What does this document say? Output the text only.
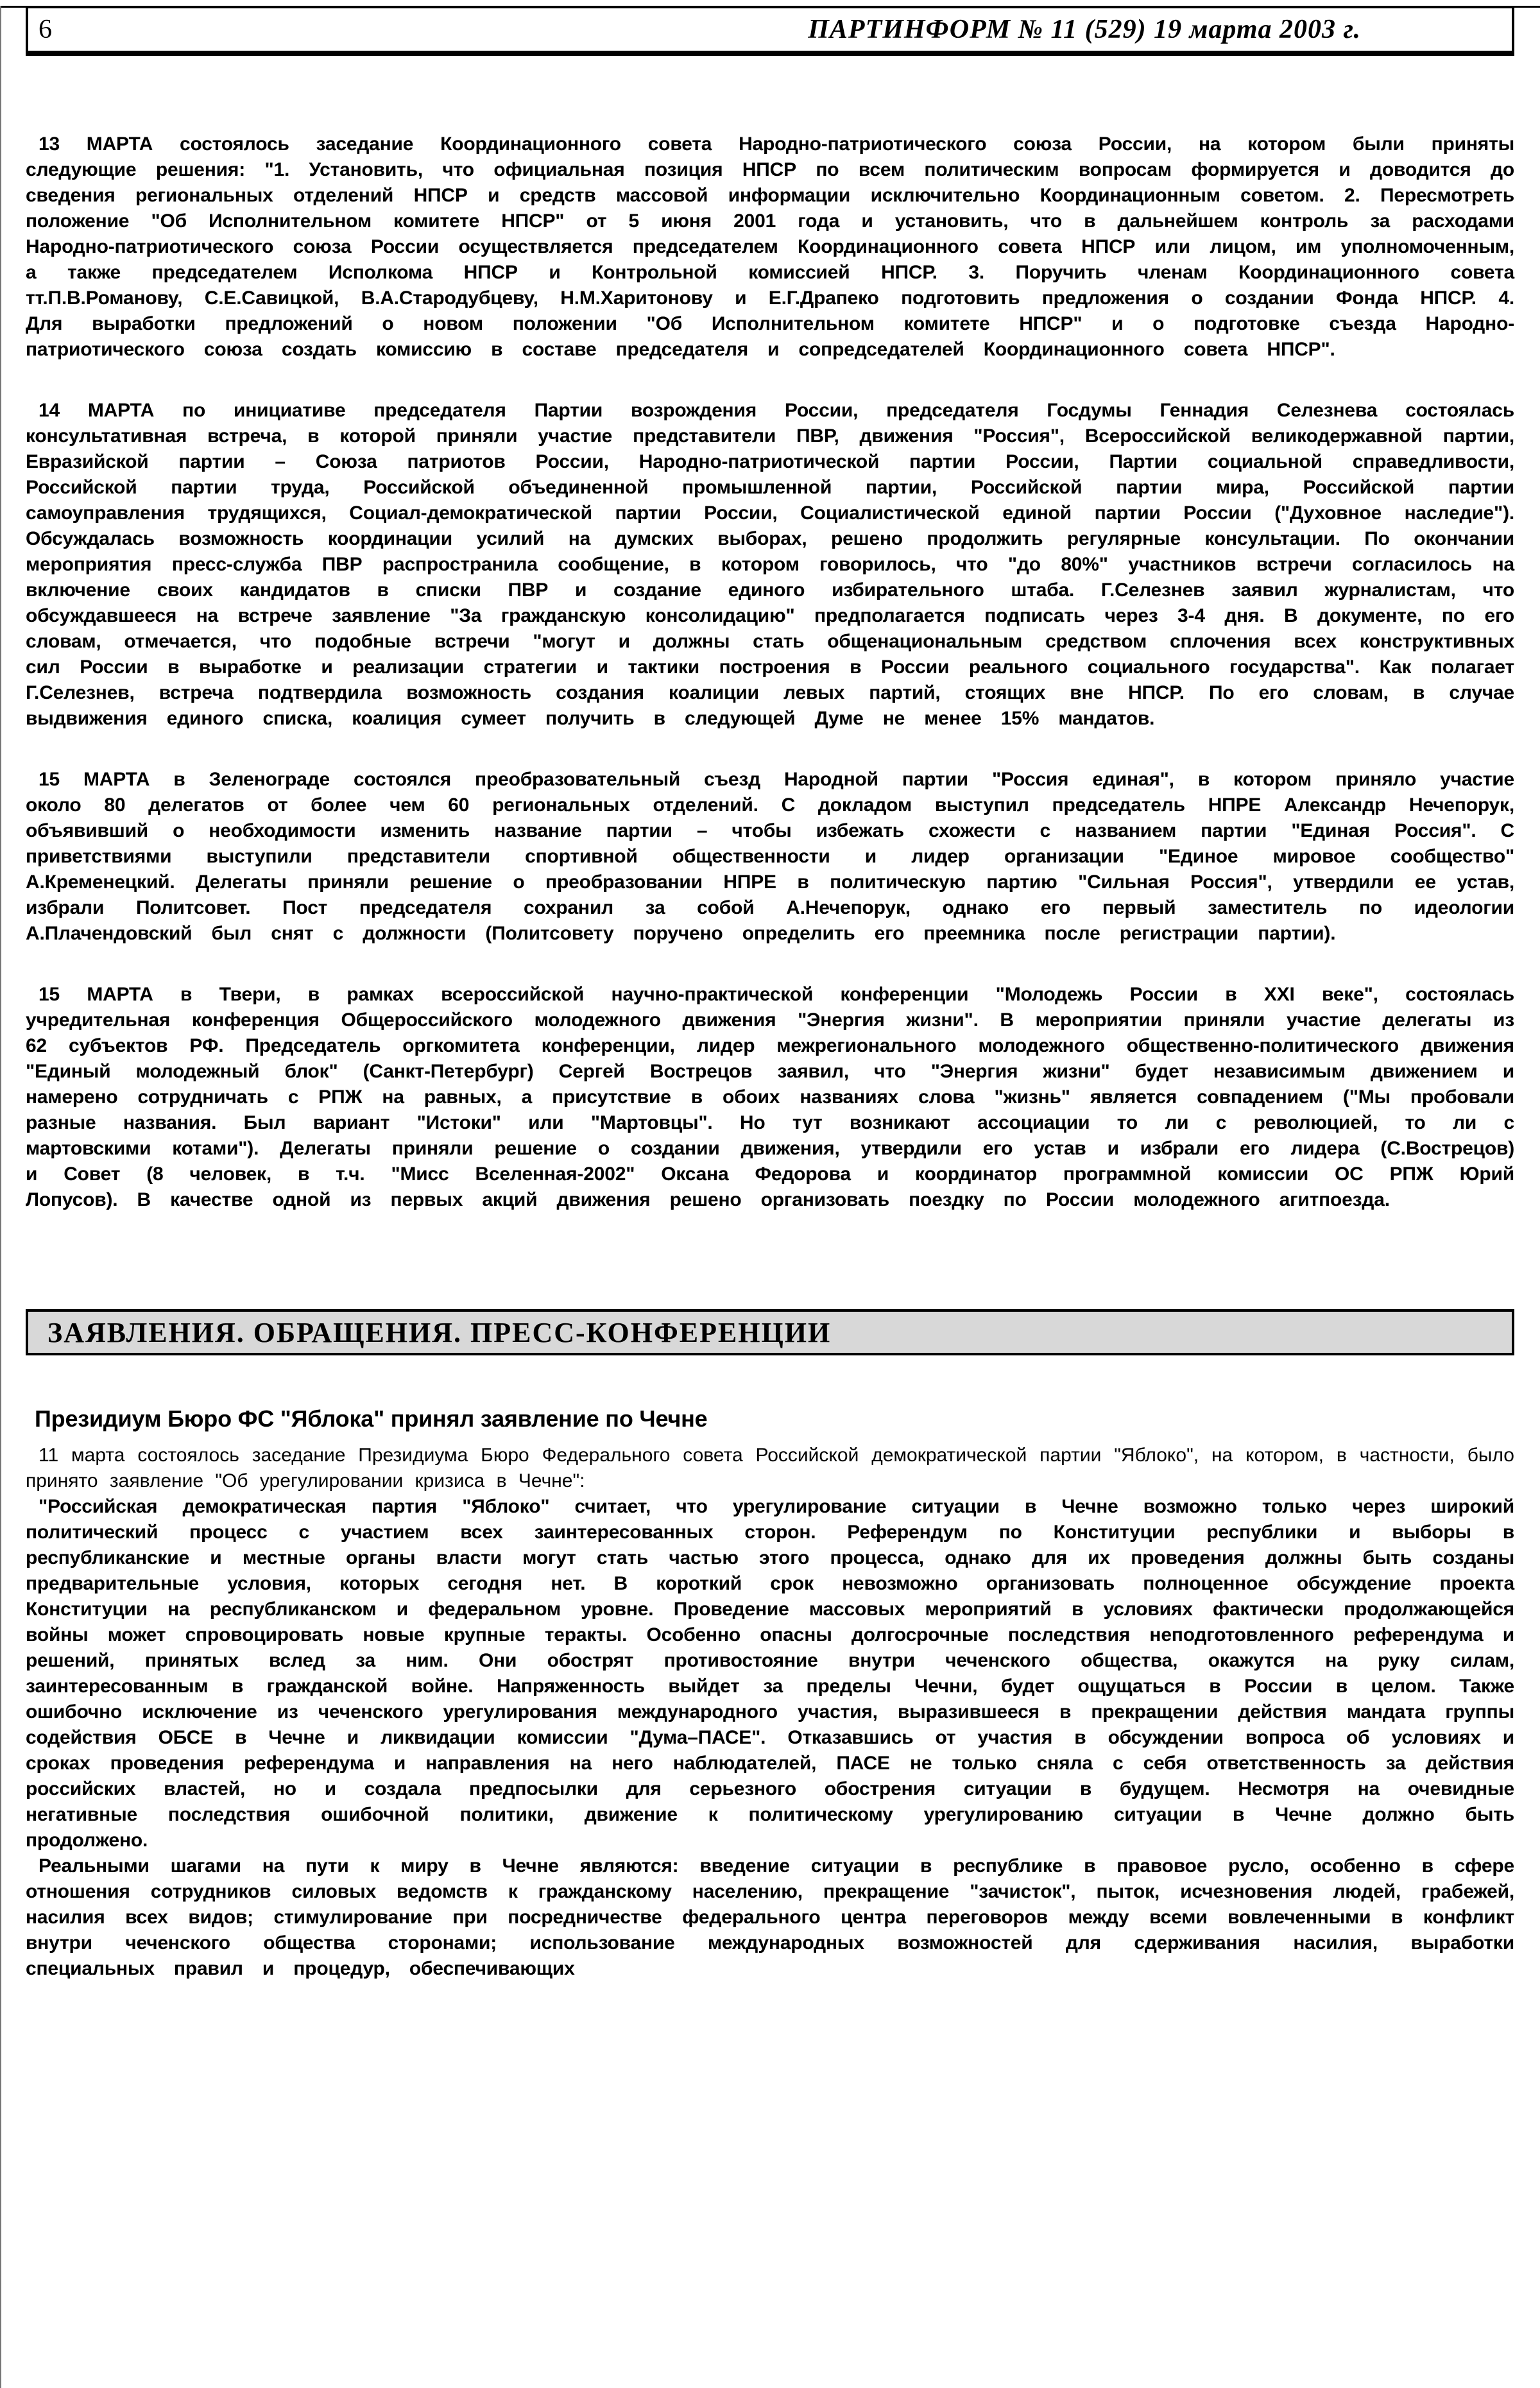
6	ПАРТИНФОРМ № 11 (529) 19 марта 2003 г.

13 МАРТА состоялось заседание Координационного совета Народно-патриотического союза России, на котором были приняты следующие решения: "1. Установить, что официальная позиция НПСР по всем политическим вопросам формируется и доводится до сведения региональных отделений НПСР и средств массовой информации исключительно Координационным советом. 2. Пересмотреть положение "Об Исполнительном комитете НПСР" от 5 июня 2001 года и установить, что в дальнейшем контроль за расходами Народно-патриотического союза России осуществляется председателем Координационного совета НПСР или лицом, им уполномоченным, а также председателем Исполкома НПСР и Контрольной комиссией НПСР. 3. Поручить членам Координационного совета тт.П.В.Романову, С.Е.Савицкой, В.А.Стародубцеву, Н.М.Харитонову и Е.Г.Драпеко подготовить предложения о создании Фонда НПСР. 4. Для выработки предложений о новом положении "Об Исполнительном комитете НПСР" и о подготовке съезда Народно-патриотического союза создать комиссию в составе председателя и сопредседателей Координационного совета НПСР".

14 МАРТА по инициативе председателя Партии возрождения России, председателя Госдумы Геннадия Селезнева состоялась консультативная встреча, в которой приняли участие представители ПВР, движения "Россия", Всероссийской великодержавной партии, Евразийской партии – Союза патриотов России, Народно-патриотической партии России, Партии социальной справедливости, Российской партии труда, Российской объединенной промышленной партии, Российской партии мира, Российской партии самоуправления трудящихся, Социал-демократической партии России, Социалистической единой партии России ("Духовное наследие"). Обсуждалась возможность координации усилий на думских выборах, решено продолжить регулярные консультации. По окончании мероприятия пресс-служба ПВР распространила сообщение, в котором говорилось, что "до 80%" участников встречи согласилось на включение своих кандидатов в списки ПВР и создание единого избирательного штаба. Г.Селезнев заявил журналистам, что обсуждавшееся на встрече заявление "За гражданскую консолидацию" предполагается подписать через 3-4 дня. В документе, по его словам, отмечается, что подобные встречи "могут и должны стать общенациональным средством сплочения всех конструктивных сил России в выработке и реализации стратегии и тактики построения в России реального социального государства". Как полагает Г.Селезнев, встреча подтвердила возможность создания коалиции левых партий, стоящих вне НПСР. По его словам, в случае выдвижения единого списка, коалиция сумеет получить в следующей Думе не менее 15% мандатов.

15 МАРТА в Зеленограде состоялся преобразовательный съезд Народной партии "Россия единая", в котором приняло участие около 80 делегатов от более чем 60 региональных отделений. С докладом выступил председатель НПРЕ Александр Нечепорук, объявивший о необходимости изменить название партии – чтобы избежать схожести с названием партии "Единая Россия". С приветствиями выступили представители спортивной общественности и лидер организации "Единое мировое сообщество" А.Кременецкий. Делегаты приняли решение о преобразовании НПРЕ в политическую партию "Сильная Россия", утвердили ее устав, избрали Политсовет. Пост председателя сохранил за собой А.Нечепорук, однако его первый заместитель по идеологии А.Плачендовский был снят с должности (Политсовету поручено определить его преемника после регистрации партии).

15 МАРТА в Твери, в рамках всероссийской научно-практической конференции "Молодежь России в XXI веке", состоялась учредительная конференция Общероссийского молодежного движения "Энергия жизни". В мероприятии приняли участие делегаты из 62 субъектов РФ. Председатель оргкомитета конференции, лидер межрегионального молодежного общественно-политического движения "Единый молодежный блок" (Санкт-Петербург) Сергей Вострецов заявил, что "Энергия жизни" будет независимым движением и намерено сотрудничать с РПЖ на равных, а присутствие в обоих названиях слова "жизнь" является совпадением ("Мы пробовали разные названия. Был вариант "Истоки" или "Мартовцы". Но тут возникают ассоциации то ли с революцией, то ли с мартовскими котами"). Делегаты приняли решение о создании движения, утвердили его устав и избрали его лидера (С.Вострецов) и Совет (8 человек, в т.ч. "Мисс Вселенная-2002" Оксана Федорова и координатор программной комиссии ОС РПЖ Юрий Лопусов). В качестве одной из первых акций движения решено организовать поездку по России молодежного агитпоезда.

ЗАЯВЛЕНИЯ. ОБРАЩЕНИЯ. ПРЕСС-КОНФЕРЕНЦИИ
Президиум Бюро ФС "Яблока" принял заявление по Чечне

11 марта состоялось заседание Президиума Бюро Федерального совета Российской демократической партии "Яблоко", на котором, в частности, было принято заявление "Об урегулировании кризиса в Чечне":

"Российская демократическая партия "Яблоко" считает, что урегулирование ситуации в Чечне возможно только через широкий политический процесс с участием всех заинтересованных сторон. Референдум по Конституции республики и выборы в республиканские и местные органы власти могут стать частью этого процесса, однако для их проведения должны быть созданы предварительные условия, которых сегодня нет. В короткий срок невозможно организовать полноценное обсуждение проекта Конституции на республиканском и федеральном уровне. Проведение массовых мероприятий в условиях фактически продолжающейся войны может спровоцировать новые крупные теракты. Особенно опасны долгосрочные последствия неподготовленного референдума и решений, принятых вслед за ним. Они обострят противостояние внутри чеченского общества, окажутся на руку силам, заинтересованным в гражданской войне. Напряженность выйдет за пределы Чечни, будет ощущаться в России в целом. Также ошибочно исключение из чеченского урегулирования международного участия, выразившееся в прекращении действия мандата группы содействия ОБСЕ в Чечне и ликвидации комиссии "Дума–ПАСЕ". Отказавшись от участия в обсуждении вопроса об условиях и сроках проведения референдума и направления на него наблюдателей, ПАСЕ не только сняла с себя ответственность за действия российских властей, но и создала предпосылки для серьезного обострения ситуации в будущем. Несмотря на очевидные негативные последствия ошибочной политики, движение к политическому урегулированию ситуации в Чечне должно быть продолжено.

Реальными шагами на пути к миру в Чечне являются: введение ситуации в республике в правовое русло, особенно в сфере отношения сотрудников силовых ведомств к гражданскому населению, прекращение "зачисток", пыток, исчезновения людей, грабежей, насилия всех видов; стимулирование при посредничестве федерального центра переговоров между всеми вовлеченными в конфликт внутри чеченского общества сторонами; использование международных возможностей для сдерживания насилия, выработки специальных правил и процедур, обеспечивающих
